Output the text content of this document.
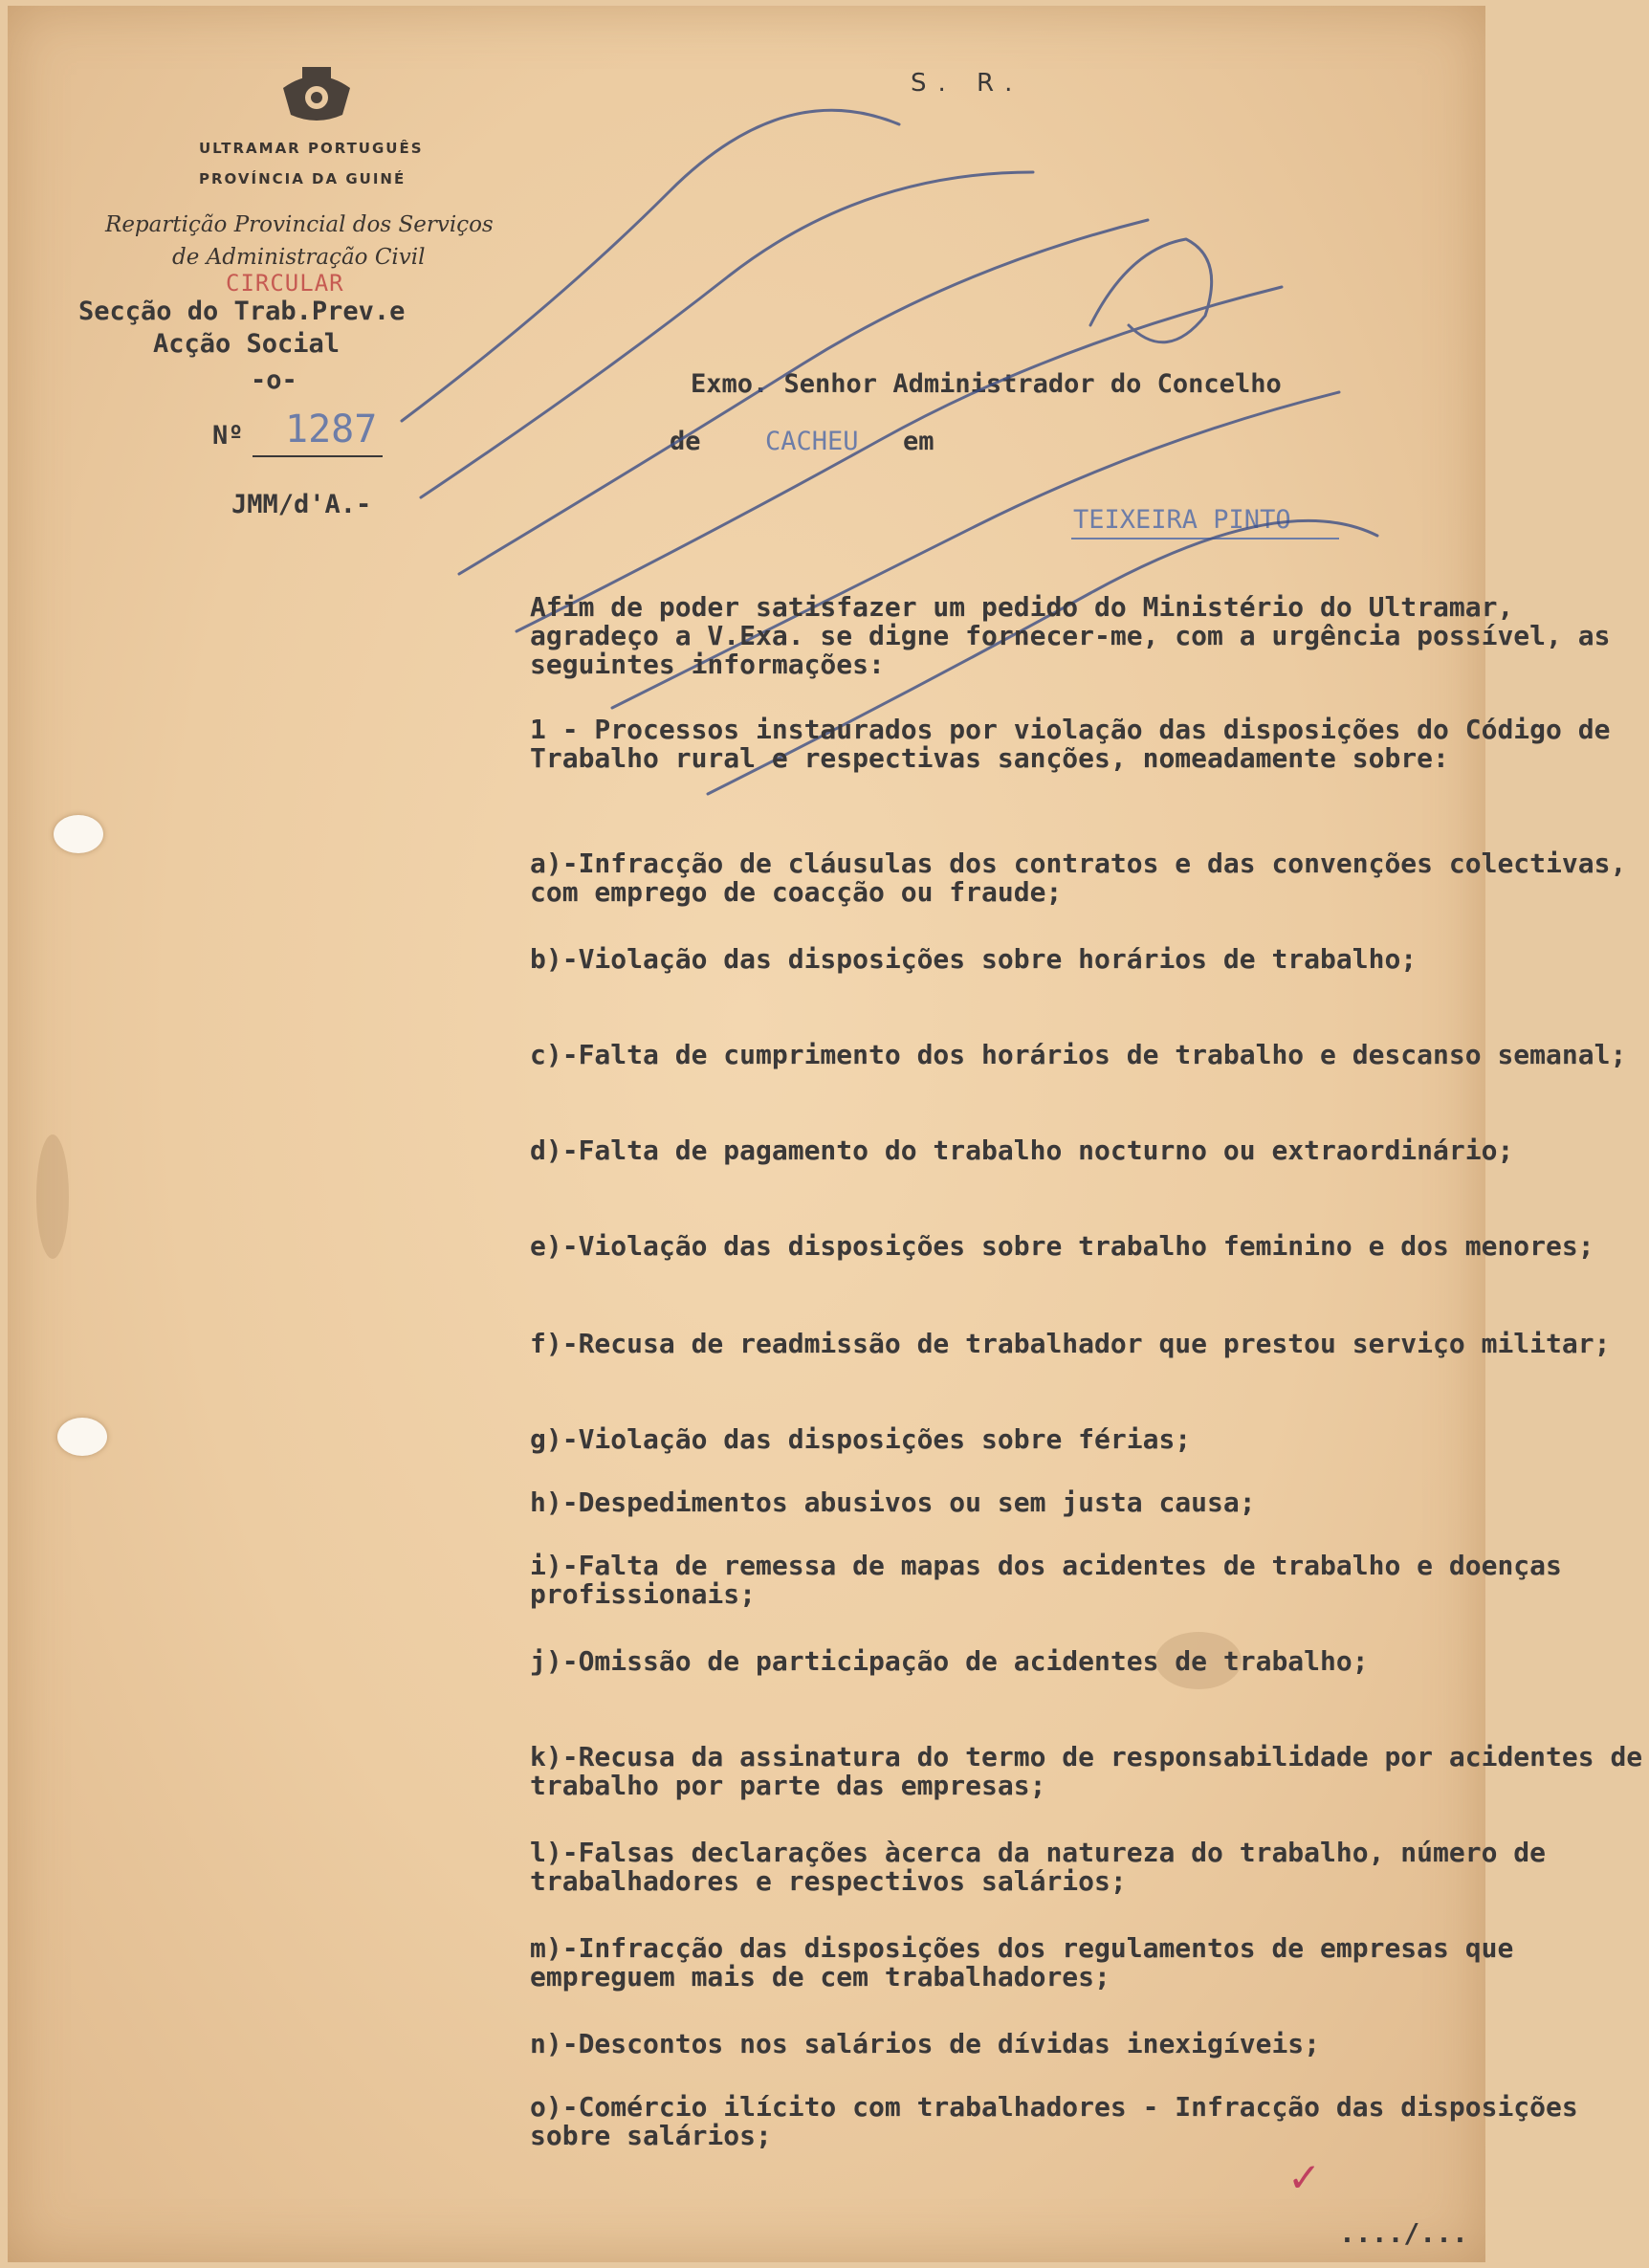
ULTRAMAR PORTUGUÊS
PROVÍNCIA DA GUINÉ
Repartição Provincial dos Serviços
de Administração Civil
CIRCULAR
Secção do Trab.Prev.e
Acção Social
-o-
Nº 1287
JMM/d'A.-
S. R.
Exmo. Senhor Administrador do Concelho
de CACHEU em
TEIXEIRA PINTO
Afim de poder satisfazer um pedido do Ministério do Ultramar, agradeço a V.Exa. se digne fornecer-me, com a urgência possível, as seguintes informações:
1 - Processos instaurados por violação das disposições do Código de Trabalho rural e respectivas sanções, nomeadamente sobre:
a)-Infracção de cláusulas dos contratos e das convenções colectivas, com emprego de coacção ou fraude;
b)-Violação das disposições sobre horários de trabalho;
c)-Falta de cumprimento dos horários de trabalho e descanso semanal;
d)-Falta de pagamento do trabalho nocturno ou extraordinário;
e)-Violação das disposições sobre trabalho feminino e dos menores;
f)-Recusa de readmissão de trabalhador que prestou serviço militar;
g)-Violação das disposições sobre férias;
h)-Despedimentos abusivos ou sem justa causa;
i)-Falta de remessa de mapas dos acidentes de trabalho e doenças profissionais;
j)-Omissão de participação de acidentes de trabalho;
k)-Recusa da assinatura do termo de responsabilidade por acidentes de trabalho por parte das empresas;
l)-Falsas declarações àcerca da natureza do trabalho, número de trabalhadores e respectivos salários;
m)-Infracção das disposições dos regulamentos de empresas que empreguem mais de cem trabalhadores;
n)-Descontos nos salários de dívidas inexigíveis;
o)-Comércio ilícito com trabalhadores - Infracção das disposições sobre salários;
✓
..../...
